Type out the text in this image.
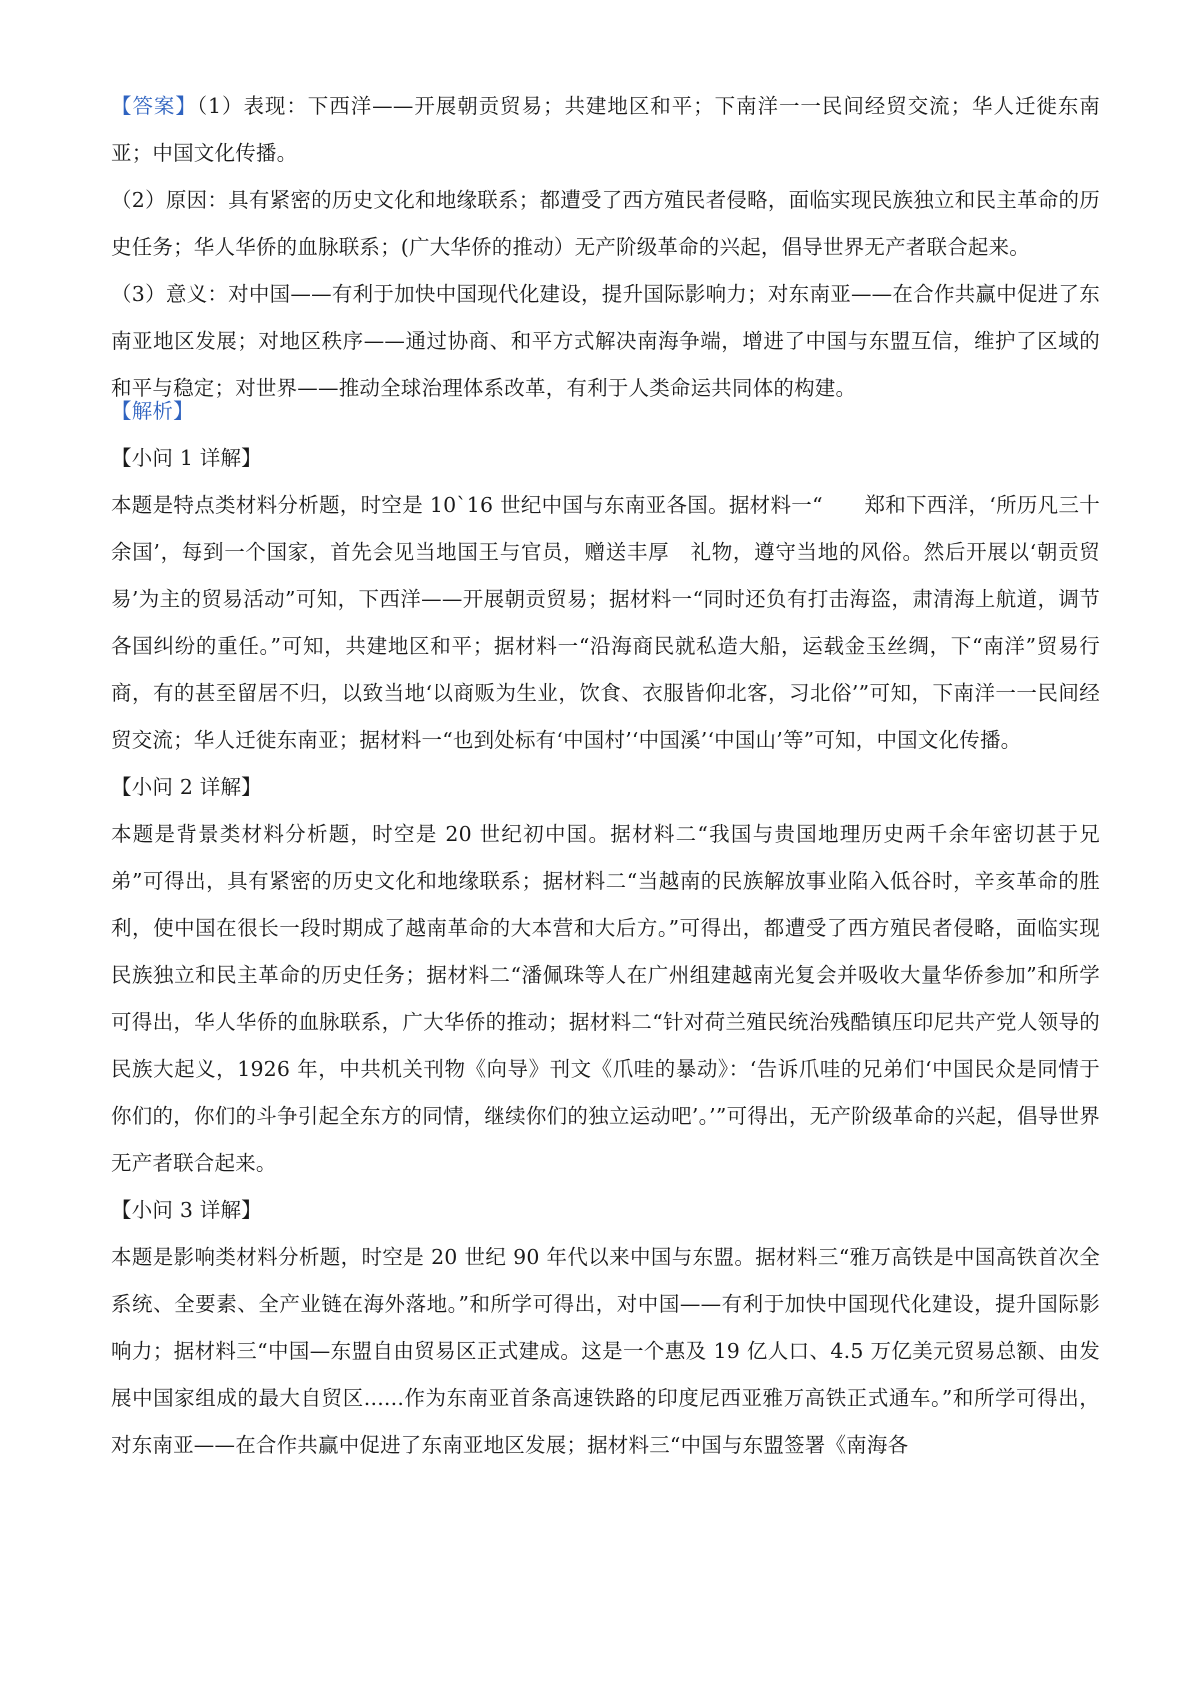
【答案】（1）表现：下西洋——开展朝贡贸易；共建地区和平；下南洋一一民间经贸交流；华人迁徙东南亚；中国文化传播。

（2）原因：具有紧密的历史文化和地缘联系；都遭受了西方殖民者侵略，面临实现民族独立和民主革命的历史任务；华人华侨的血脉联系；(广大华侨的推动）无产阶级革命的兴起，倡导世界无产者联合起来。

（3）意义：对中国——有利于加快中国现代化建设，提升国际影响力；对东南亚——在合作共赢中促进了东南亚地区发展；对地区秩序——通过协商、和平方式解决南海争端，增进了中国与东盟互信，维护了区域的和平与稳定；对世界——推动全球治理体系改革，有利于人类命运共同体的构建。

【解析】

【小问 1 详解】

本题是特点类材料分析题，时空是 10`16 世纪中国与东南亚各国。据材料一“　　郑和下西洋，‘所历凡三十余国’，每到一个国家，首先会见当地国王与官员，赠送丰厚　礼物，遵守当地的风俗。然后开展以‘朝贡贸易’为主的贸易活动”可知，下西洋——开展朝贡贸易；据材料一“同时还负有打击海盗，肃清海上航道，调节各国纠纷的重任。”可知，共建地区和平；据材料一“沿海商民就私造大船，运载金玉丝绸，下“南洋”贸易行商，有的甚至留居不归，以致当地‘以商贩为生业，饮食、衣服皆仰北客，习北俗’”可知，下南洋一一民间经贸交流；华人迁徙东南亚；据材料一“也到处标有‘中国村’‘中国溪’‘中国山’等”可知，中国文化传播。

【小问 2 详解】

本题是背景类材料分析题，时空是 20 世纪初中国。据材料二“我国与贵国地理历史两千余年密切甚于兄弟”可得出，具有紧密的历史文化和地缘联系；据材料二“当越南的民族解放事业陷入低谷时，辛亥革命的胜利，使中国在很长一段时期成了越南革命的大本营和大后方。”可得出，都遭受了西方殖民者侵略，面临实现民族独立和民主革命的历史任务；据材料二“潘佩珠等人在广州组建越南光复会并吸收大量华侨参加”和所学可得出，华人华侨的血脉联系，广大华侨的推动；据材料二“针对荷兰殖民统治残酷镇压印尼共产党人领导的民族大起义，1926 年，中共机关刊物《向导》刊文《爪哇的暴动》：‘告诉爪哇的兄弟们‘中国民众是同情于你们的，你们的斗争引起全东方的同情，继续你们的独立运动吧’。’”可得出，无产阶级革命的兴起，倡导世界无产者联合起来。

【小问 3 详解】

本题是影响类材料分析题，时空是 20 世纪 90 年代以来中国与东盟。据材料三“雅万高铁是中国高铁首次全系统、全要素、全产业链在海外落地。”和所学可得出，对中国——有利于加快中国现代化建设，提升国际影响力；据材料三“中国—东盟自由贸易区正式建成。这是一个惠及 19 亿人口、4.5 万亿美元贸易总额、由发展中国家组成的最大自贸区......作为东南亚首条高速铁路的印度尼西亚雅万高铁正式通车。”和所学可得出，对东南亚——在合作共赢中促进了东南亚地区发展；据材料三“中国与东盟签署《南海各
